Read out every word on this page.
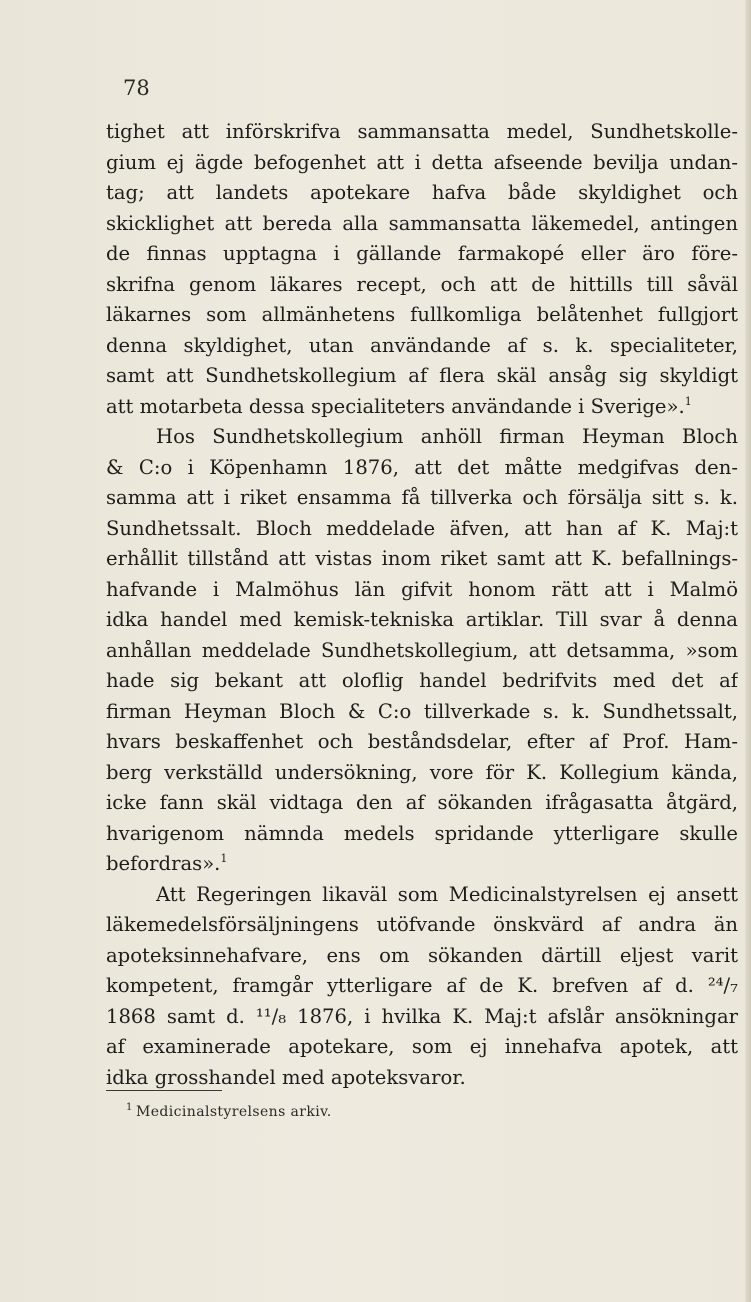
78
tighet att införskrifva sammansatta medel, Sundhetskolle-
gium ej ägde befogenhet att i detta afseende bevilja undan-
tag; att landets apotekare hafva både skyldighet och
skicklighet att bereda alla sammansatta läkemedel, antingen
de finnas upptagna i gällande farmakopé eller äro före-
skrifna genom läkares recept, och att de hittills till såväl
läkarnes som allmänhetens fullkomliga belåtenhet fullgjort
denna skyldighet, utan användande af s. k. specialiteter,
samt att Sundhetskollegium af flera skäl ansåg sig skyldigt
att motarbeta dessa specialiteters användande i Sverige».$^1$
Hos Sundhetskollegium anhöll firman Heyman Bloch
& C:o i Köpenhamn 1876, att det måtte medgifvas den-
samma att i riket ensamma få tillverka och försälja sitt s. k.
Sundhetssalt. Bloch meddelade äfven, att han af K. Maj:t
erhållit tillstånd att vistas inom riket samt att K. befallnings-
hafvande i Malmöhus län gifvit honom rätt att i Malmö
idka handel med kemisk-tekniska artiklar. Till svar å denna
anhållan meddelade Sundhetskollegium, att detsamma, »som
hade sig bekant att oloflig handel bedrifvits med det af
firman Heyman Bloch & C:o tillverkade s. k. Sundhetssalt,
hvars beskaffenhet och beståndsdelar, efter af Prof. Ham-
berg verkställd undersökning, vore för K. Kollegium kända,
icke fann skäl vidtaga den af sökanden ifrågasatta åtgärd,
hvarigenom nämnda medels spridande ytterligare skulle
befordras».$^1$
Att Regeringen likaväl som Medicinalstyrelsen ej ansett
läkemedelsförsäljningens utöfvande önskvärd af andra än
apoteksinnehafvare, ens om sökanden därtill eljest varit
kompetent, framgår ytterligare af de K. brefven af d. ²⁴/₇
1868 samt d. ¹¹/₈ 1876, i hvilka K. Maj:t afslår ansökningar
af examinerade apotekare, som ej innehafva apotek, att
idka grosshandel med apoteksvaror.
1 Medicinalstyrelsens arkiv.
